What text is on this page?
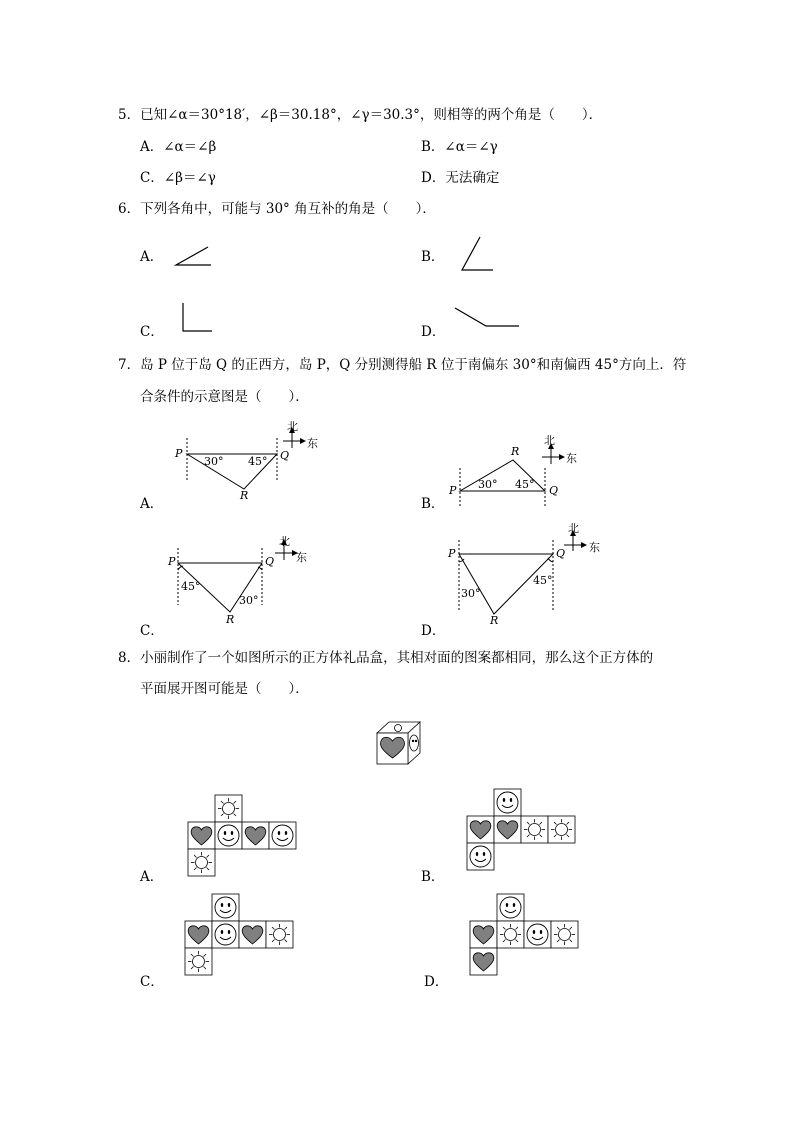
5．已知∠α＝30°18′，∠β＝30.18°，∠γ＝30.3°，则相等的两个角是（　　）．
A．∠α＝∠β	B．∠α＝∠γ
C．∠β＝∠γ	D．无法确定
6．下列各角中，可能与 30° 角互补的角是（　　）．
A．	B．
C．	D．
7．岛 P 位于岛 Q 的正西方，岛 P，Q 分别测得船 R 位于南偏东 30°和南偏西 45°方向上．符
合条件的示意图是（　　）．
A．	B．
C．	D．
P	Q
R
30° 45°
北
东
P	Q
R
30° 45°
北
东
P	Q
R
45°
30°
北
东	P	Q
R
30°
45°
北
东
8．小丽制作了一个如图所示的正方体礼品盒，其相对面的图案都相同，那么这个正方体的
平面展开图可能是（　　）．
A．	B．
C．	D．
